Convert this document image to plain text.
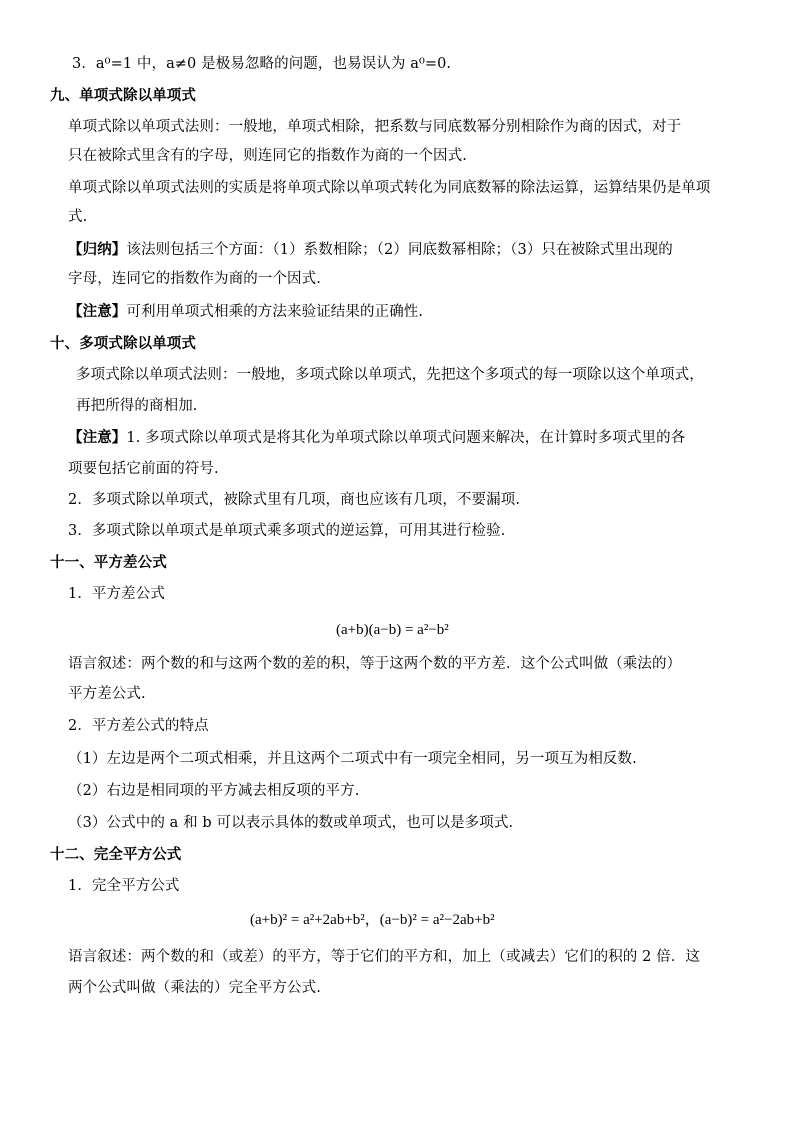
3．a⁰=1 中，a≠0 是极易忽略的问题，也易误认为 a⁰=0.
九、单项式除以单项式
单项式除以单项式法则：一般地，单项式相除，把系数与同底数幂分别相除作为商的因式，对于
只在被除式里含有的字母，则连同它的指数作为商的一个因式.
单项式除以单项式法则的实质是将单项式除以单项式转化为同底数幂的除法运算，运算结果仍是单项
式.
【归纳】该法则包括三个方面：（1）系数相除；（2）同底数幂相除；（3）只在被除式里出现的
字母，连同它的指数作为商的一个因式.
【注意】可利用单项式相乘的方法来验证结果的正确性.
十、多项式除以单项式
多项式除以单项式法则：一般地，多项式除以单项式，先把这个多项式的每一项除以这个单项式，
再把所得的商相加.
【注意】1. 多项式除以单项式是将其化为单项式除以单项式问题来解决，在计算时多项式里的各
项要包括它前面的符号.
2．多项式除以单项式，被除式里有几项，商也应该有几项，不要漏项.
3．多项式除以单项式是单项式乘多项式的逆运算，可用其进行检验.
十一、平方差公式
1．平方差公式
(a+b)(a−b) = a²−b²
语言叙述：两个数的和与这两个数的差的积，等于这两个数的平方差．这个公式叫做（乘法的）
平方差公式.
2．平方差公式的特点
（1）左边是两个二项式相乘，并且这两个二项式中有一项完全相同，另一项互为相反数.
（2）右边是相同项的平方减去相反项的平方.
（3）公式中的 a 和 b 可以表示具体的数或单项式，也可以是多项式.
十二、完全平方公式
1．完全平方公式
(a+b)² = a²+2ab+b²，(a−b)² = a²−2ab+b²
语言叙述：两个数的和（或差）的平方，等于它们的平方和，加上（或减去）它们的积的 2 倍．这
两个公式叫做（乘法的）完全平方公式.
